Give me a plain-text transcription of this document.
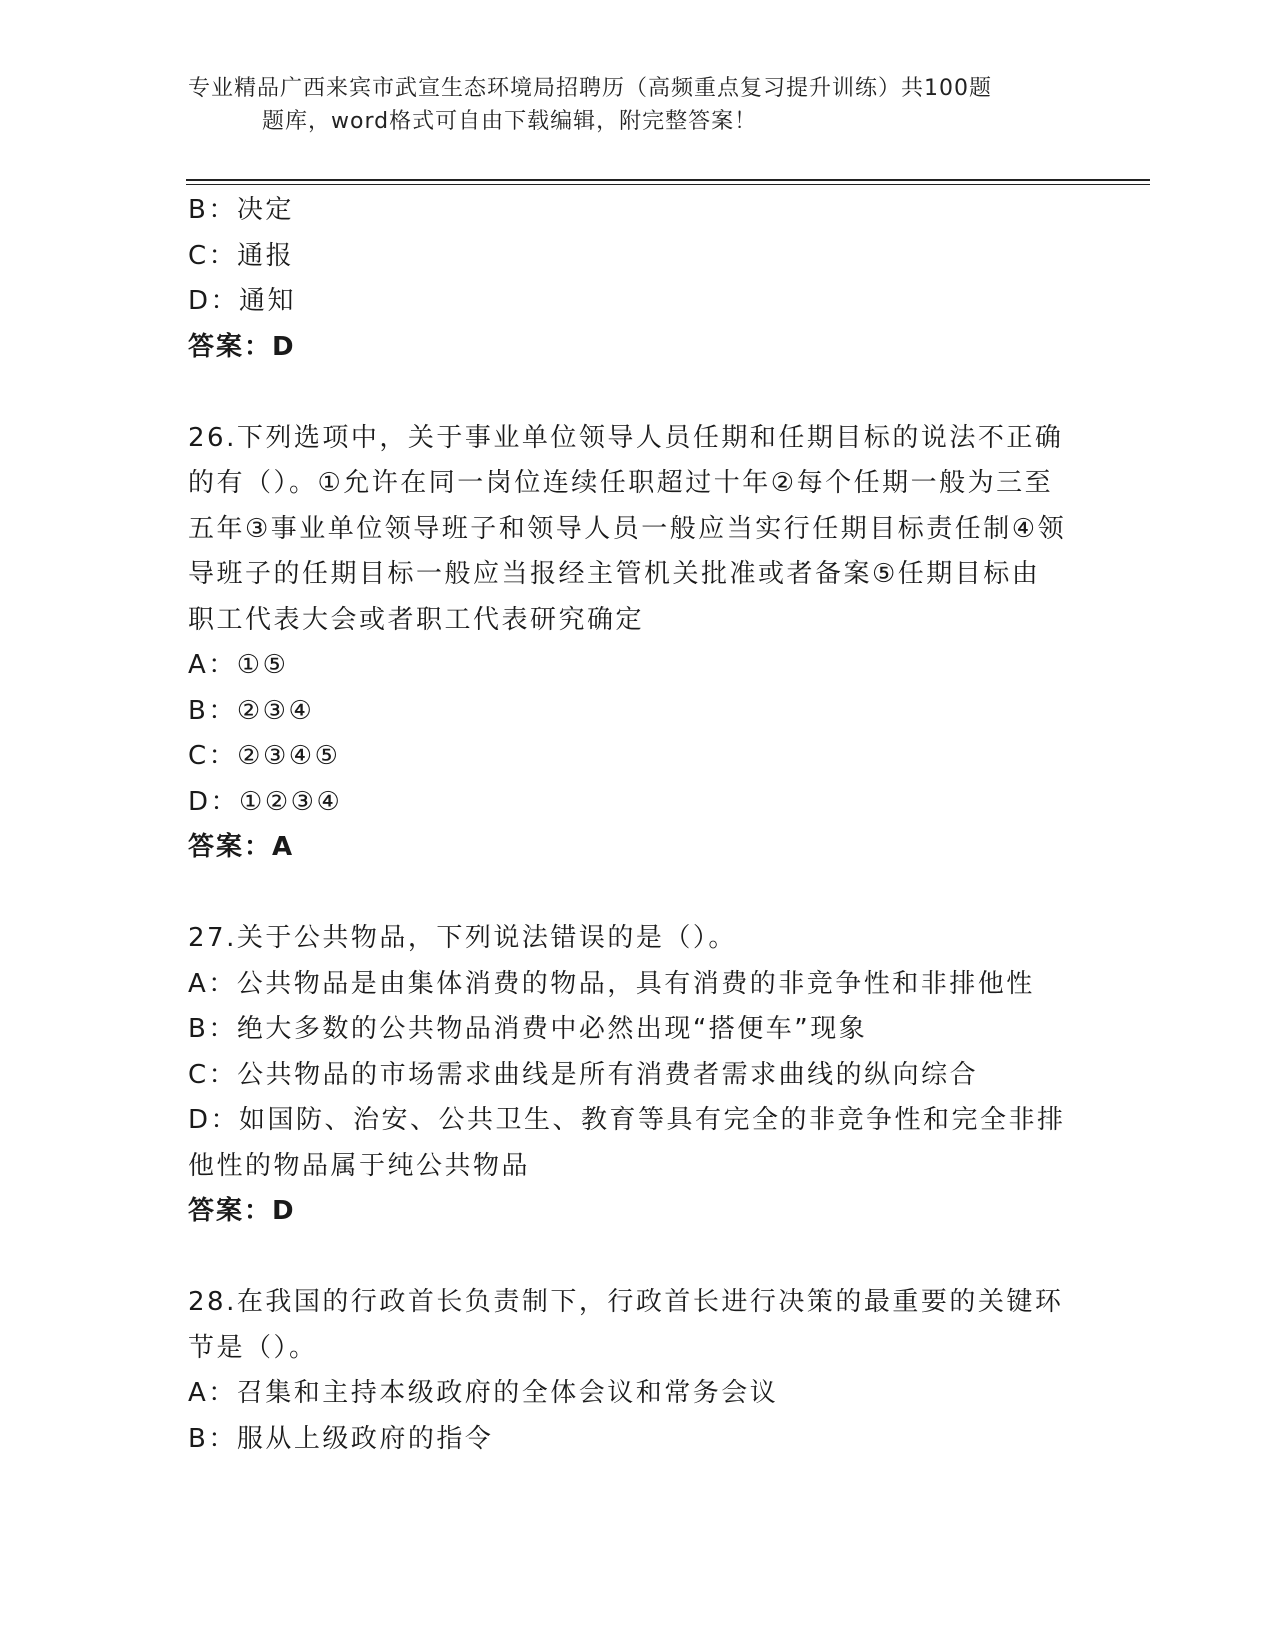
专业精品广西来宾市武宣生态环境局招聘历（高频重点复习提升训练）共100题
题库，word格式可自由下载编辑，附完整答案！
B：决定
C：通报
D：通知
答案：D
26.下列选项中，关于事业单位领导人员任期和任期目标的说法不正确的有（）。①允许在同一岗位连续任职超过十年②每个任期一般为三至五年③事业单位领导班子和领导人员一般应当实行任期目标责任制④领导班子的任期目标一般应当报经主管机关批准或者备案⑤任期目标由职工代表大会或者职工代表研究确定
A：①⑤
B：②③④
C：②③④⑤
D：①②③④
答案：A
27.关于公共物品，下列说法错误的是（）。
A：公共物品是由集体消费的物品，具有消费的非竞争性和非排他性
B：绝大多数的公共物品消费中必然出现“搭便车”现象
C：公共物品的市场需求曲线是所有消费者需求曲线的纵向综合
D：如国防、治安、公共卫生、教育等具有完全的非竞争性和完全非排他性的物品属于纯公共物品
答案：D
28.在我国的行政首长负责制下，行政首长进行决策的最重要的关键环节是（）。
A：召集和主持本级政府的全体会议和常务会议
B：服从上级政府的指令
